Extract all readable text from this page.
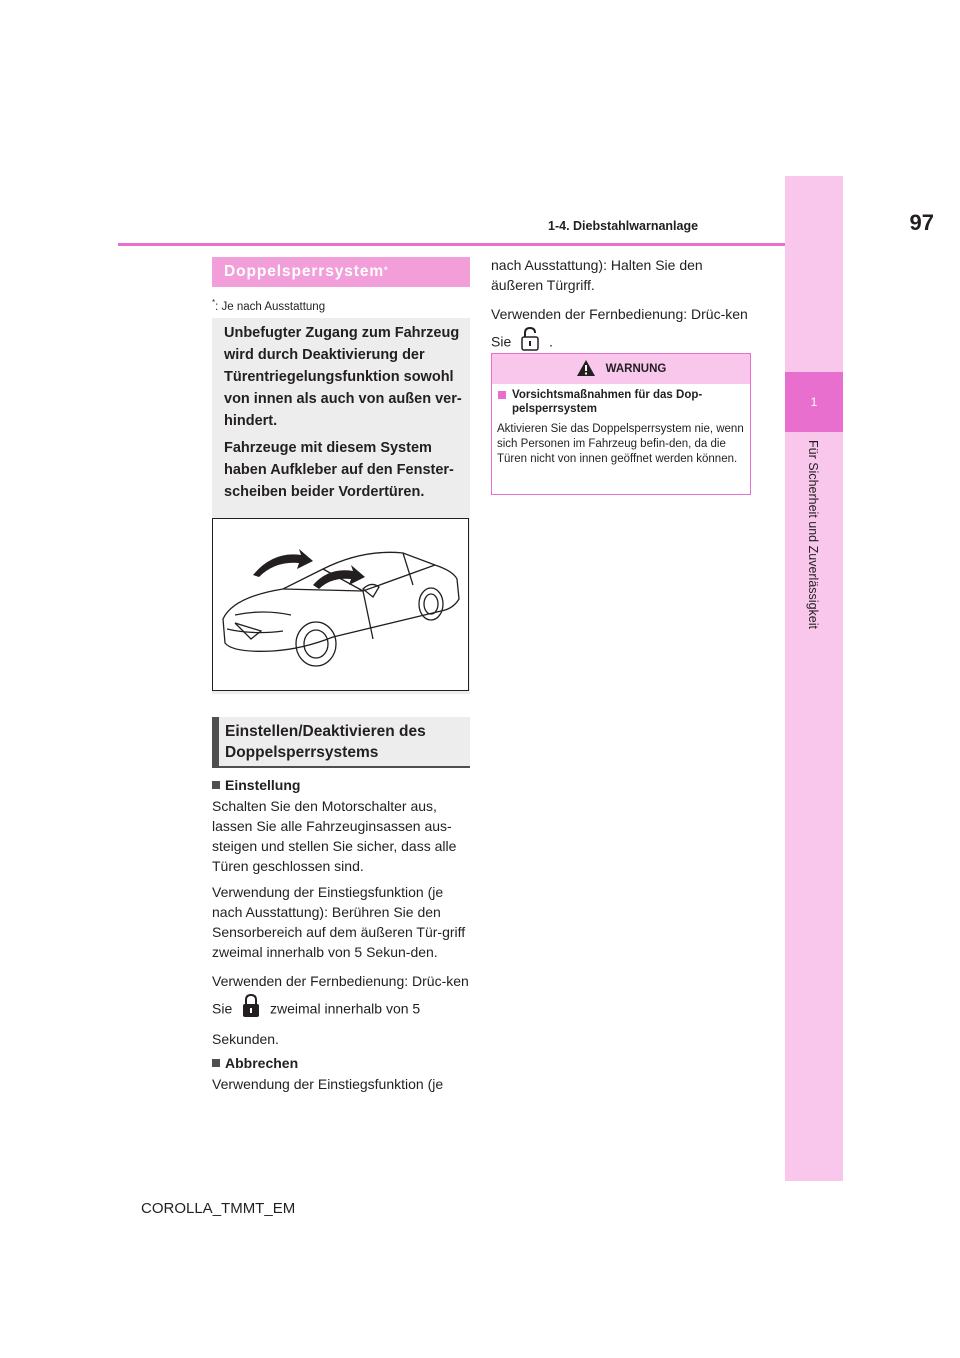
1
Für Sicherheit und Zuverlässigkeit
97
1-4. Diebstahlwarnanlage
Doppelsperrsystem*
*: Je nach Ausstattung

Unbefugter Zugang zum Fahrzeug wird durch Deaktivierung der Türentriegelungsfunktion sowohl von innen als auch von außen ver-hindert.

Fahrzeuge mit diesem System haben Aufkleber auf den Fenster-scheiben beider Vordertüren.

Einstellen/Deaktivieren des Doppelsperrsystems
Einstellung

Schalten Sie den Motorschalter aus, lassen Sie alle Fahrzeuginsassen aus-steigen und stellen Sie sicher, dass alle Türen geschlossen sind.

Verwendung der Einstiegsfunktion (je nach Ausstattung): Berühren Sie den Sensorbereich auf dem äußeren Tür-griff zweimal innerhalb von 5 Sekun-den.

Verwenden der Fernbedienung: Drüc-ken Sie	zweimal innerhalb von 5 Sekunden.

Abbrechen
Verwendung der Einstiegsfunktion (je

nach Ausstattung): Halten Sie den äußeren Türgriff.

Verwenden der Fernbedienung: Drüc-ken Sie	.

WARNUNG
Vorsichtsmaßnahmen für das Dop-pelsperrsystem
Aktivieren Sie das Doppelsperrsystem nie, wenn sich Personen im Fahrzeug befin-den, da die Türen nicht von innen geöffnet werden können.
COROLLA_TMMT_EM
